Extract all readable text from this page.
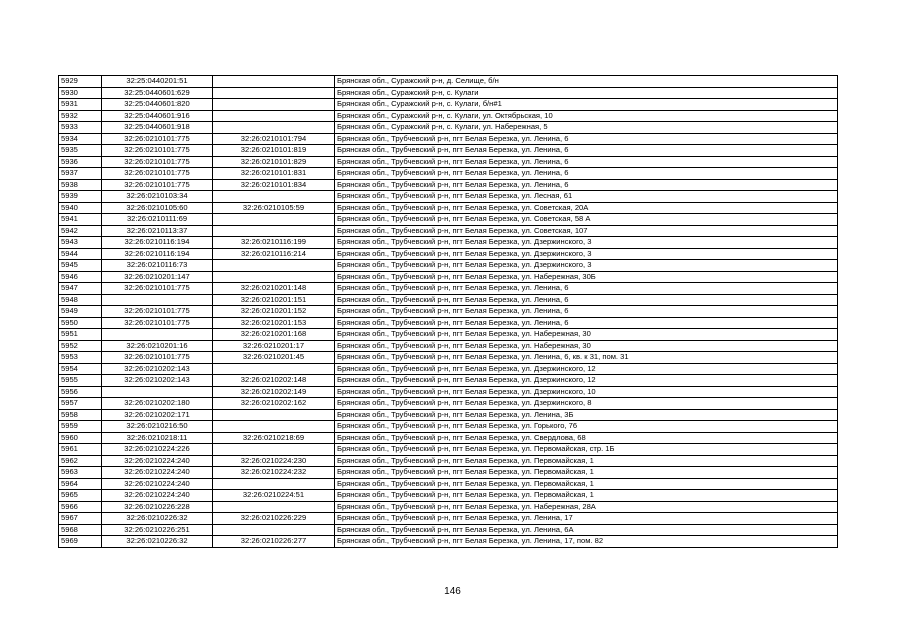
5929	32:25:0440201:51		Брянская обл., Суражский р-н, д. Селище, б/н
5930	32:25:0440601:629		Брянская обл., Суражский р-н, с. Кулаги
5931	32:25:0440601:820		Брянская обл., Суражский р-н, с. Кулаги, б/н#1
5932	32:25:0440601:916		Брянская обл., Суражский р-н, с. Кулаги, ул. Октябрьская, 10
5933	32:25:0440601:918		Брянская обл., Суражский р-н, с. Кулаги, ул. Набережная, 5
5934	32:26:0210101:775	32:26:0210101:794	Брянская обл., Трубчевский р-н, пгт Белая Березка, ул. Ленина, 6
5935	32:26:0210101:775	32:26:0210101:819	Брянская обл., Трубчевский р-н, пгт Белая Березка, ул. Ленина, 6
5936	32:26:0210101:775	32:26:0210101:829	Брянская обл., Трубчевский р-н, пгт Белая Березка, ул. Ленина, 6
5937	32:26:0210101:775	32:26:0210101:831	Брянская обл., Трубчевский р-н, пгт Белая Березка, ул. Ленина, 6
5938	32:26:0210101:775	32:26:0210101:834	Брянская обл., Трубчевский р-н, пгт Белая Березка, ул. Ленина, 6
5939	32:26:0210103:34		Брянская обл., Трубчевский р-н, пгт Белая Березка, ул. Лесная, 61
5940	32:26:0210105:60	32:26:0210105:59	Брянская обл., Трубчевский р-н, пгт Белая Березка, ул. Советская, 20А
5941	32:26:0210111:69		Брянская обл., Трубчевский р-н, пгт Белая Березка, ул. Советская, 58 А
5942	32:26:0210113:37		Брянская обл., Трубчевский р-н, пгт Белая Березка, ул. Советская, 107
5943	32:26:0210116:194	32:26:0210116:199	Брянская обл., Трубчевский р-н, пгт Белая Березка, ул. Дзержинского, 3
5944	32:26:0210116:194	32:26:0210116:214	Брянская обл., Трубчевский р-н, пгт Белая Березка, ул. Дзержинского, 3
5945	32:26:0210116:73		Брянская обл., Трубчевский р-н, пгт Белая Березка, ул. Дзержинского, 3
5946	32:26:0210201:147		Брянская обл., Трубчевский р-н, пгт Белая Березка, ул. Набережная, 30Б
5947	32:26:0210101:775	32:26:0210201:148	Брянская обл., Трубчевский р-н, пгт Белая Березка, ул. Ленина, 6
5948		32:26:0210201:151	Брянская обл., Трубчевский р-н, пгт Белая Березка, ул. Ленина, 6
5949	32:26:0210101:775	32:26:0210201:152	Брянская обл., Трубчевский р-н, пгт Белая Березка, ул. Ленина, 6
5950	32:26:0210101:775	32:26:0210201:153	Брянская обл., Трубчевский р-н, пгт Белая Березка, ул. Ленина, 6
5951		32:26:0210201:168	Брянская обл., Трубчевский р-н, пгт Белая Березка, ул. Набережная, 30
5952	32:26:0210201:16	32:26:0210201:17	Брянская обл., Трубчевский р-н, пгт Белая Березка, ул. Набережная, 30
5953	32:26:0210101:775	32:26:0210201:45	Брянская обл., Трубчевский р-н, пгт Белая Березка, ул. Ленина, 6, кв. к 31, пом. 31
5954	32:26:0210202:143		Брянская обл., Трубчевский р-н, пгт Белая Березка, ул. Дзержинского, 12
5955	32:26:0210202:143	32:26:0210202:148	Брянская обл., Трубчевский р-н, пгт Белая Березка, ул. Дзержинского, 12
5956		32:26:0210202:149	Брянская обл., Трубчевский р-н, пгт Белая Березка, ул. Дзержинского, 10
5957	32:26:0210202:180	32:26:0210202:162	Брянская обл., Трубчевский р-н, пгт Белая Березка, ул. Дзержинского, 8
5958	32:26:0210202:171		Брянская обл., Трубчевский р-н, пгт Белая Березка, ул. Ленина, 3Б
5959	32:26:0210216:50		Брянская обл., Трубчевский р-н, пгт Белая Березка, ул. Горького, 76
5960	32:26:0210218:11	32:26:0210218:69	Брянская обл., Трубчевский р-н, пгт Белая Березка, ул. Свердлова, 68
5961	32:26:0210224:226		Брянская обл., Трубчевский р-н, пгт Белая Березка, ул. Первомайская, стр. 1Б
5962	32:26:0210224:240	32:26:0210224:230	Брянская обл., Трубчевский р-н, пгт Белая Березка, ул. Первомайская, 1
5963	32:26:0210224:240	32:26:0210224:232	Брянская обл., Трубчевский р-н, пгт Белая Березка, ул. Первомайская, 1
5964	32:26:0210224:240		Брянская обл., Трубчевский р-н, пгт Белая Березка, ул. Первомайская, 1
5965	32:26:0210224:240	32:26:0210224:51	Брянская обл., Трубчевский р-н, пгт Белая Березка, ул. Первомайская, 1
5966	32:26:0210226:228		Брянская обл., Трубчевский р-н, пгт Белая Березка, ул. Набережная, 28А
5967	32:26:0210226:32	32:26:0210226:229	Брянская обл., Трубчевский р-н, пгт Белая Березка, ул. Ленина, 17
5968	32:26:0210226:251		Брянская обл., Трубчевский р-н, пгт Белая Березка, ул. Ленина, 6А
5969	32:26:0210226:32	32:26:0210226:277	Брянская обл., Трубчевский р-н, пгт Белая Березка, ул. Ленина, 17, пом. 82
146
